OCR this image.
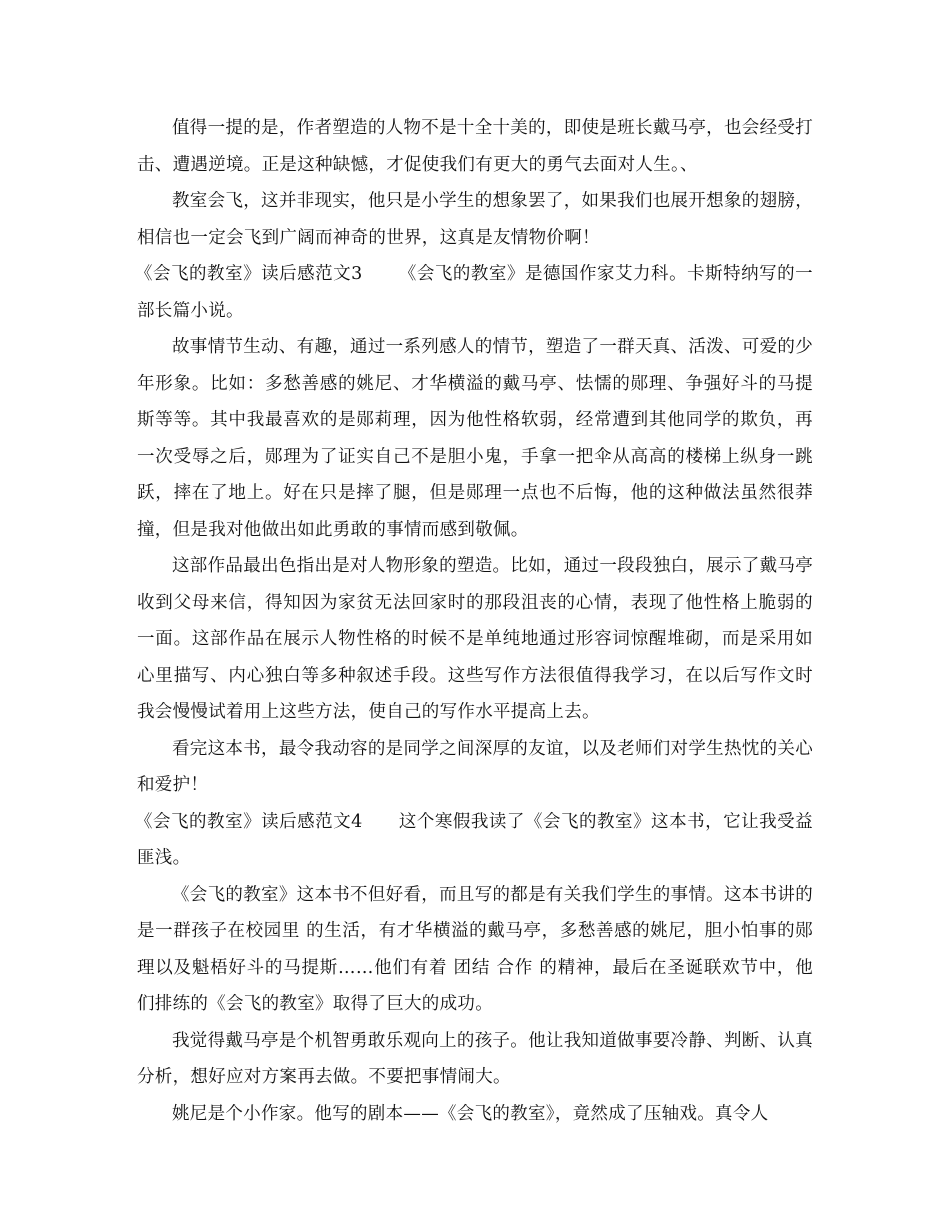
值得一提的是，作者塑造的人物不是十全十美的，即使是班长戴马亭，也会经受打击、遭遇逆境。正是这种缺憾，才促使我们有更大的勇气去面对人生。、

教室会飞，这并非现实，他只是小学生的想象罢了，如果我们也展开想象的翅膀，相信也一定会飞到广阔而神奇的世界，这真是友情物价啊！

《会飞的教室》读后感范文3 《会飞的教室》是德国作家艾力科。卡斯特纳写的一部长篇小说。

故事情节生动、有趣，通过一系列感人的情节，塑造了一群天真、活泼、可爱的少年形象。比如：多愁善感的姚尼、才华横溢的戴马亭、怯懦的郧理、争强好斗的马提斯等等。其中我最喜欢的是郧莉理，因为他性格软弱，经常遭到其他同学的欺负，再一次受辱之后，郧理为了证实自己不是胆小鬼，手拿一把伞从高高的楼梯上纵身一跳跃，摔在了地上。好在只是摔了腿，但是郧理一点也不后悔，他的这种做法虽然很莽撞，但是我对他做出如此勇敢的事情而感到敬佩。

这部作品最出色指出是对人物形象的塑造。比如，通过一段段独白，展示了戴马亭收到父母来信，得知因为家贫无法回家时的那段沮丧的心情，表现了他性格上脆弱的一面。这部作品在展示人物性格的时候不是单纯地通过形容词惊醒堆砌，而是采用如心里描写、内心独白等多种叙述手段。这些写作方法很值得我学习，在以后写作文时我会慢慢试着用上这些方法，使自己的写作水平提高上去。

看完这本书，最令我动容的是同学之间深厚的友谊，以及老师们对学生热忱的关心和爱护！

《会飞的教室》读后感范文4 这个寒假我读了《会飞的教室》这本书，它让我受益匪浅。

《会飞的教室》这本书不但好看，而且写的都是有关我们学生的事情。这本书讲的是一群孩子在校园里 的生活，有才华横溢的戴马亭，多愁善感的姚尼，胆小怕事的郧理以及魁梧好斗的马提斯……他们有着 团结 合作 的精神，最后在圣诞联欢节中，他们排练的《会飞的教室》取得了巨大的成功。

我觉得戴马亭是个机智勇敢乐观向上的孩子。他让我知道做事要冷静、判断、认真分析，想好应对方案再去做。不要把事情闹大。

姚尼是个小作家。他写的剧本——《会飞的教室》，竟然成了压轴戏。真令人
